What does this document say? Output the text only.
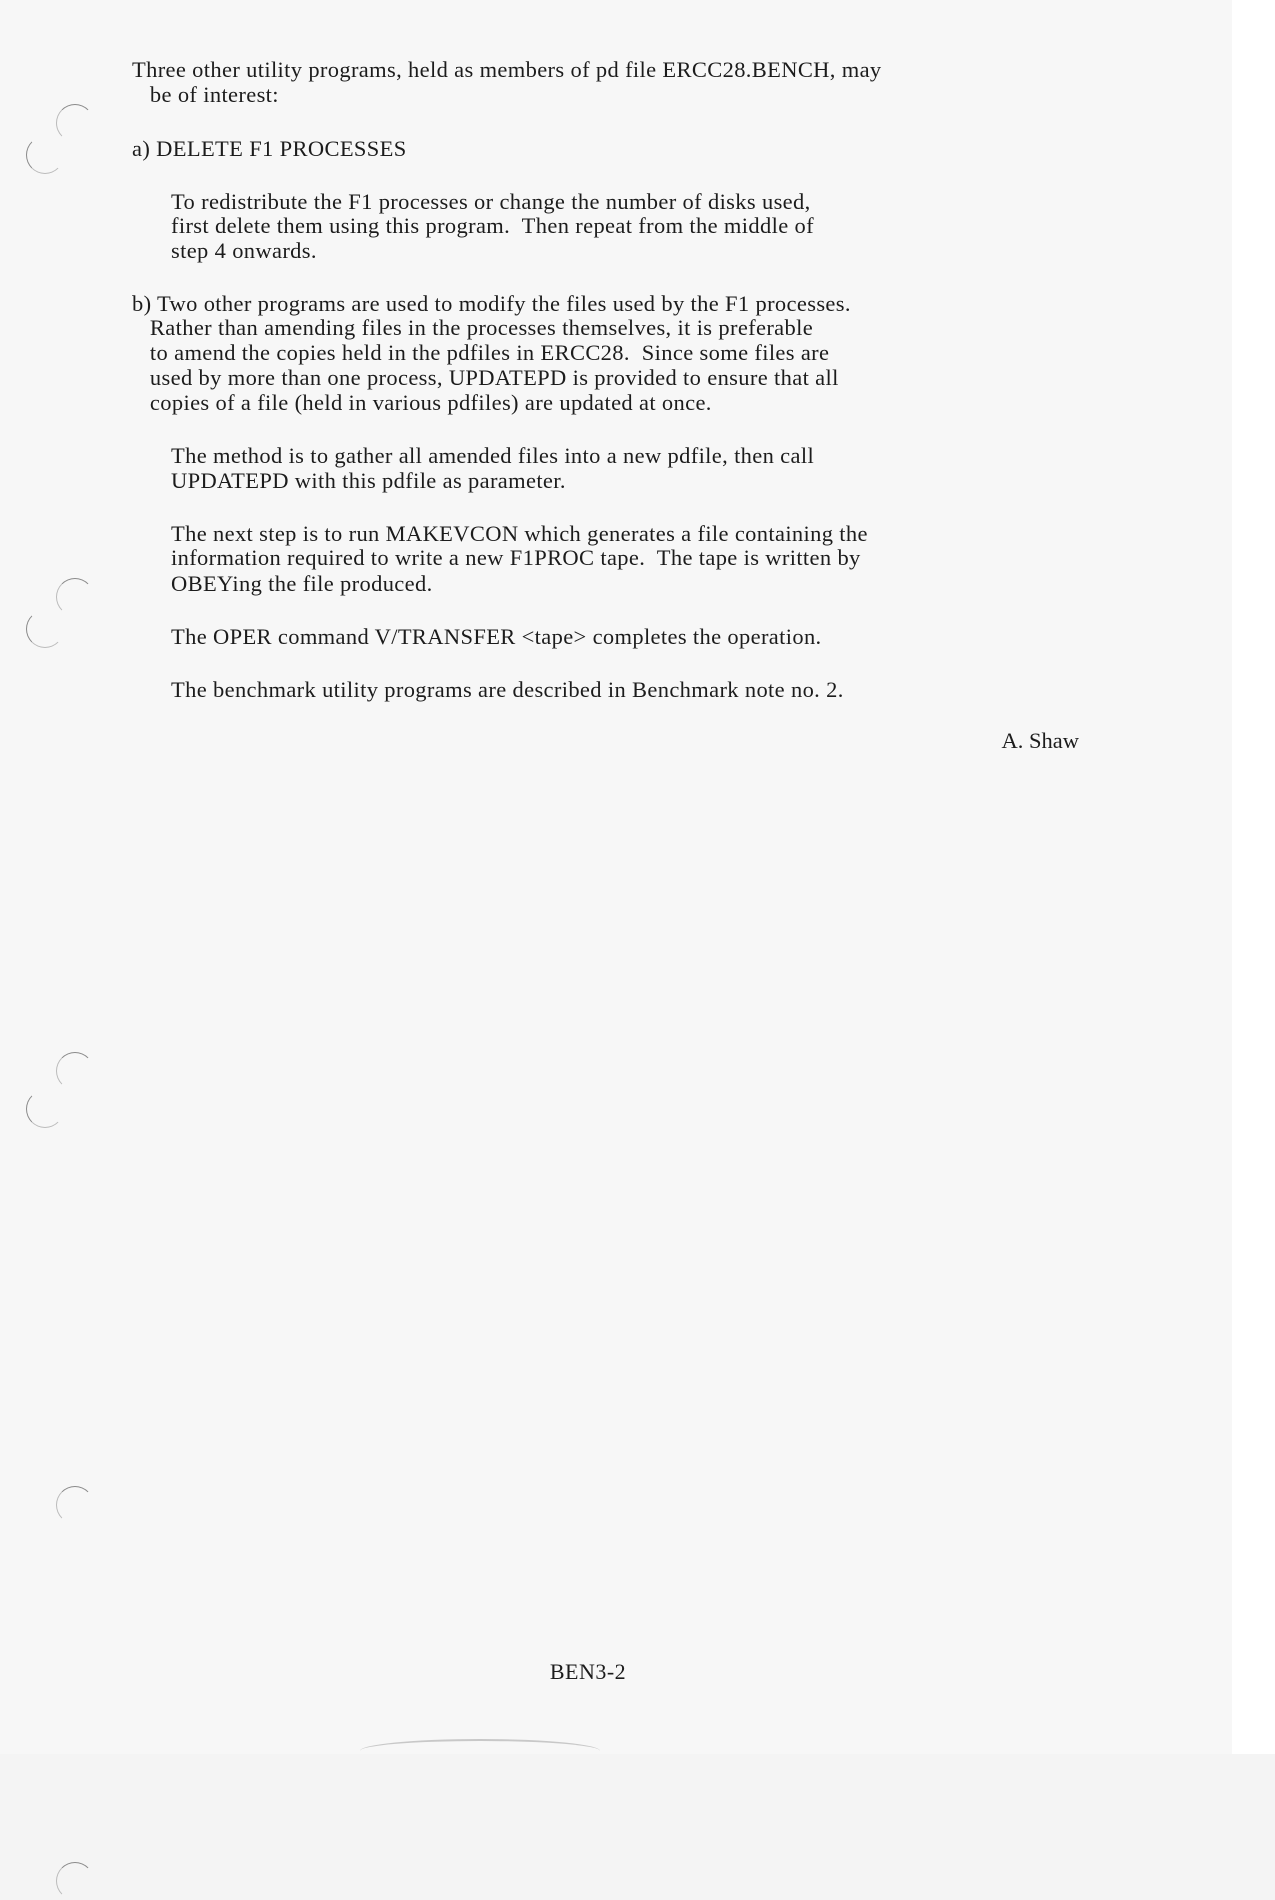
Three other utility programs, held as members of pd file ERCC28.BENCH, may
be of interest:
a) DELETE F1 PROCESSES
To redistribute the F1 processes or change the number of disks used,
first delete them using this program.  Then repeat from the middle of
step 4 onwards.
b) Two other programs are used to modify the files used by the F1 processes.
Rather than amending files in the processes themselves, it is preferable
to amend the copies held in the pdfiles in ERCC28.  Since some files are
used by more than one process, UPDATEPD is provided to ensure that all
copies of a file (held in various pdfiles) are updated at once.
The method is to gather all amended files into a new pdfile, then call
UPDATEPD with this pdfile as parameter.
The next step is to run MAKEVCON which generates a file containing the
information required to write a new F1PROC tape.  The tape is written by
OBEYing the file produced.
The OPER command V/TRANSFER <tape> completes the operation.
The benchmark utility programs are described in Benchmark note no. 2.
A. Shaw
BEN3-2
